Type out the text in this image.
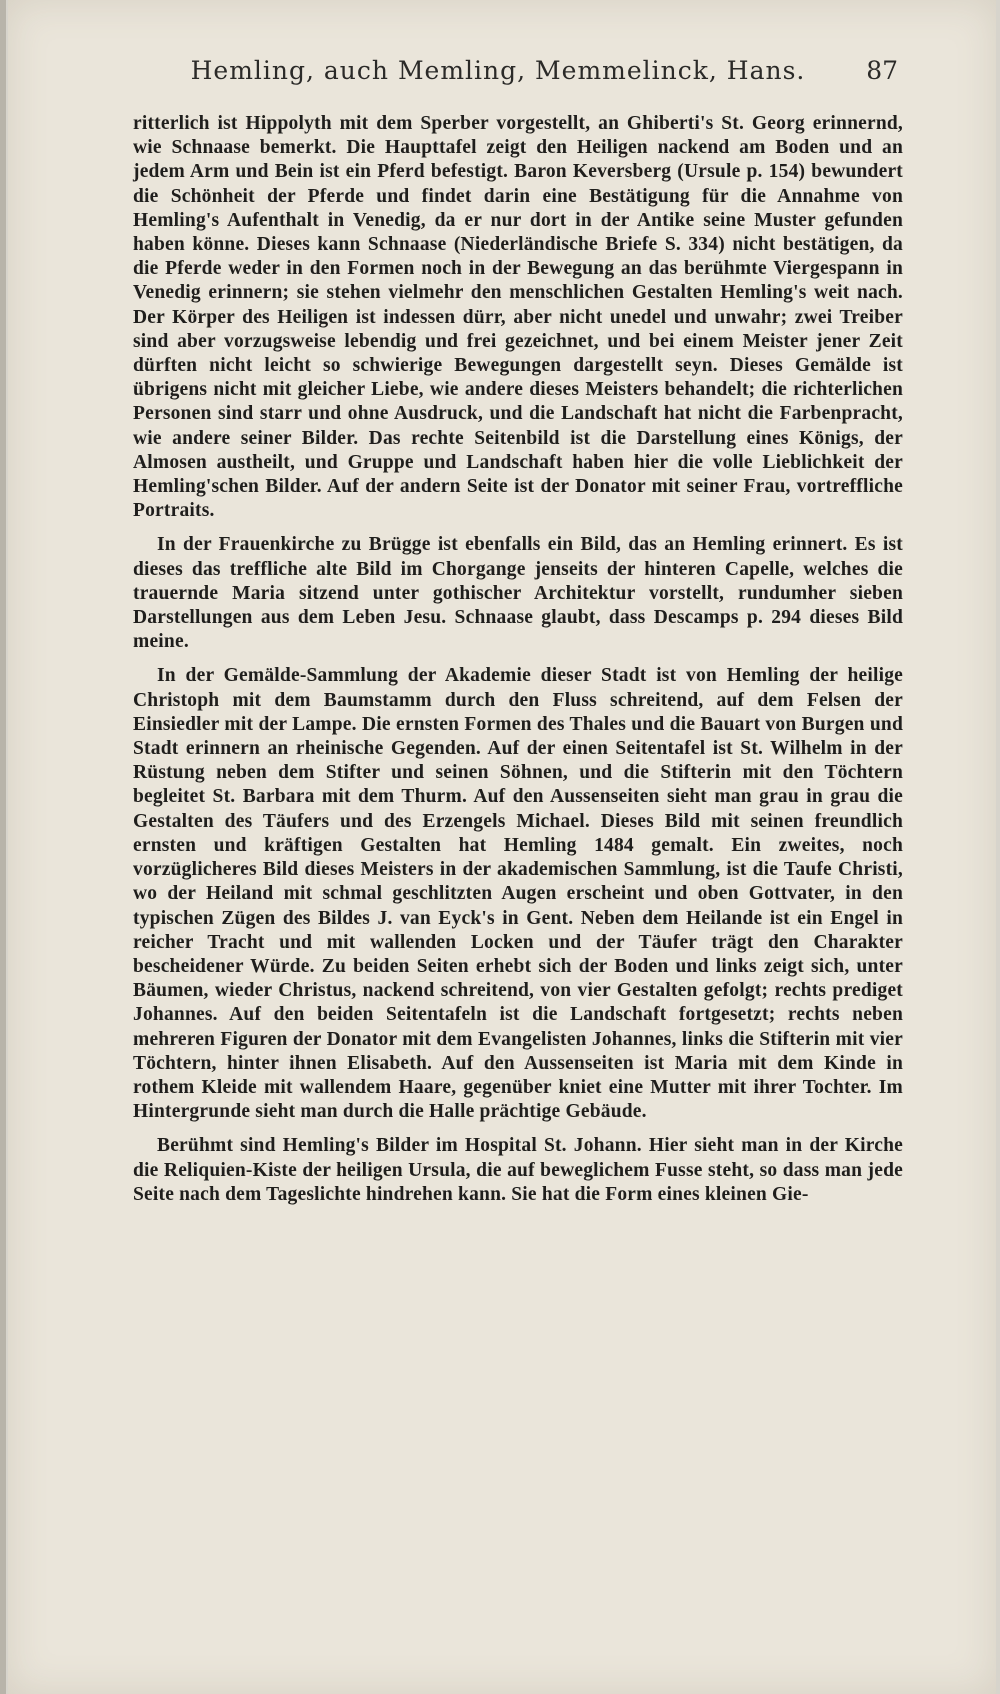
Hemling, auch Memling, Memmelinck, Hans.	87

ritterlich ist Hippolyth mit dem Sperber vorgestellt, an Ghiberti's St. Georg erinnernd, wie Schnaase bemerkt. Die Haupttafel zeigt den Heiligen nackend am Boden und an jedem Arm und Bein ist ein Pferd befestigt. Baron Keversberg (Ursule p. 154) bewundert die Schönheit der Pferde und findet darin eine Bestätigung für die Annahme von Hemling's Aufenthalt in Venedig, da er nur dort in der Antike seine Muster gefunden haben könne. Dieses kann Schnaase (Niederländische Briefe S. 334) nicht bestätigen, da die Pferde weder in den Formen noch in der Bewegung an das berühmte Viergespann in Venedig erinnern; sie stehen vielmehr den menschlichen Gestalten Hemling's weit nach. Der Körper des Heiligen ist indessen dürr, aber nicht unedel und unwahr; zwei Treiber sind aber vorzugsweise lebendig und frei gezeichnet, und bei einem Meister jener Zeit dürften nicht leicht so schwierige Bewegungen dargestellt seyn. Dieses Gemälde ist übrigens nicht mit gleicher Liebe, wie andere dieses Meisters behandelt; die richterlichen Personen sind starr und ohne Ausdruck, und die Landschaft hat nicht die Farbenpracht, wie andere seiner Bilder. Das rechte Seitenbild ist die Darstellung eines Königs, der Almosen austheilt, und Gruppe und Landschaft haben hier die volle Lieblichkeit der Hemling'schen Bilder. Auf der andern Seite ist der Donator mit seiner Frau, vortreffliche Portraits.

In der Frauenkirche zu Brügge ist ebenfalls ein Bild, das an Hemling erinnert. Es ist dieses das treffliche alte Bild im Chorgange jenseits der hinteren Capelle, welches die trauernde Maria sitzend unter gothischer Architektur vorstellt, rundumher sieben Darstellungen aus dem Leben Jesu. Schnaase glaubt, dass Descamps p. 294 dieses Bild meine.

In der Gemälde-Sammlung der Akademie dieser Stadt ist von Hemling der heilige Christoph mit dem Baumstamm durch den Fluss schreitend, auf dem Felsen der Einsiedler mit der Lampe. Die ernsten Formen des Thales und die Bauart von Burgen und Stadt erinnern an rheinische Gegenden. Auf der einen Seitentafel ist St. Wilhelm in der Rüstung neben dem Stifter und seinen Söhnen, und die Stifterin mit den Töchtern begleitet St. Barbara mit dem Thurm. Auf den Aussenseiten sieht man grau in grau die Gestalten des Täufers und des Erzengels Michael. Dieses Bild mit seinen freundlich ernsten und kräftigen Gestalten hat Hemling 1484 gemalt. Ein zweites, noch vorzüglicheres Bild dieses Meisters in der akademischen Sammlung, ist die Taufe Christi, wo der Heiland mit schmal geschlitzten Augen erscheint und oben Gottvater, in den typischen Zügen des Bildes J. van Eyck's in Gent. Neben dem Heilande ist ein Engel in reicher Tracht und mit wallenden Locken und der Täufer trägt den Charakter bescheidener Würde. Zu beiden Seiten erhebt sich der Boden und links zeigt sich, unter Bäumen, wieder Christus, nackend schreitend, von vier Gestalten gefolgt; rechts prediget Johannes. Auf den beiden Seitentafeln ist die Landschaft fortgesetzt; rechts neben mehreren Figuren der Donator mit dem Evangelisten Johannes, links die Stifterin mit vier Töchtern, hinter ihnen Elisabeth. Auf den Aussenseiten ist Maria mit dem Kinde in rothem Kleide mit wallendem Haare, gegenüber kniet eine Mutter mit ihrer Tochter. Im Hintergrunde sieht man durch die Halle prächtige Gebäude.

Berühmt sind Hemling's Bilder im Hospital St. Johann. Hier sieht man in der Kirche die Reliquien-Kiste der heiligen Ursula, die auf beweglichem Fusse steht, so dass man jede Seite nach dem Tageslichte hindrehen kann. Sie hat die Form eines kleinen Gie-
